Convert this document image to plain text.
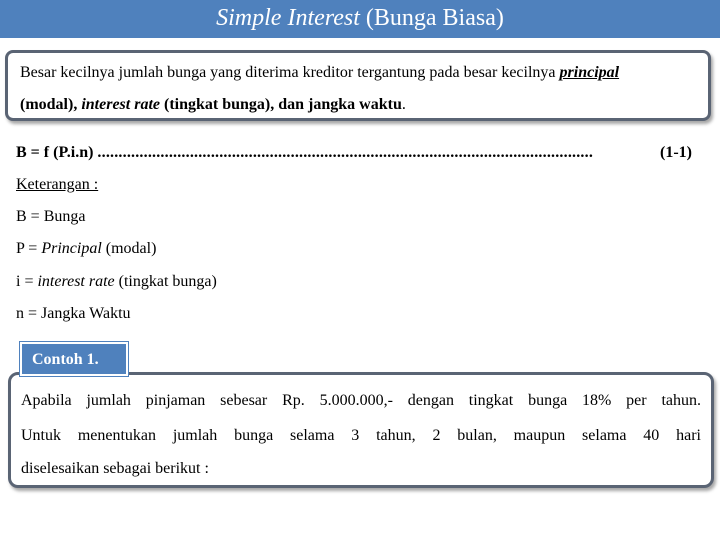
Simple Interest (Bunga Biasa)

Besar kecilnya jumlah bunga yang diterima kreditor tergantung pada besar kecilnya principal

(modal), interest rate (tingkat bunga), dan jangka waktu.

B = f (P.i.n) ......................................................................................................................	(1-1)
Keterangan :
B = Bunga
P = Principal (modal)
i = interest rate (tingkat bunga)
n = Jangka Waktu
Apabila jumlah pinjaman sebesar Rp. 5.000.000,- dengan tingkat bunga 18% per tahun.
Untuk menentukan jumlah bunga selama 3 tahun, 2 bulan, maupun selama 40 hari
diselesaikan sebagai berikut :
Contoh 1.
